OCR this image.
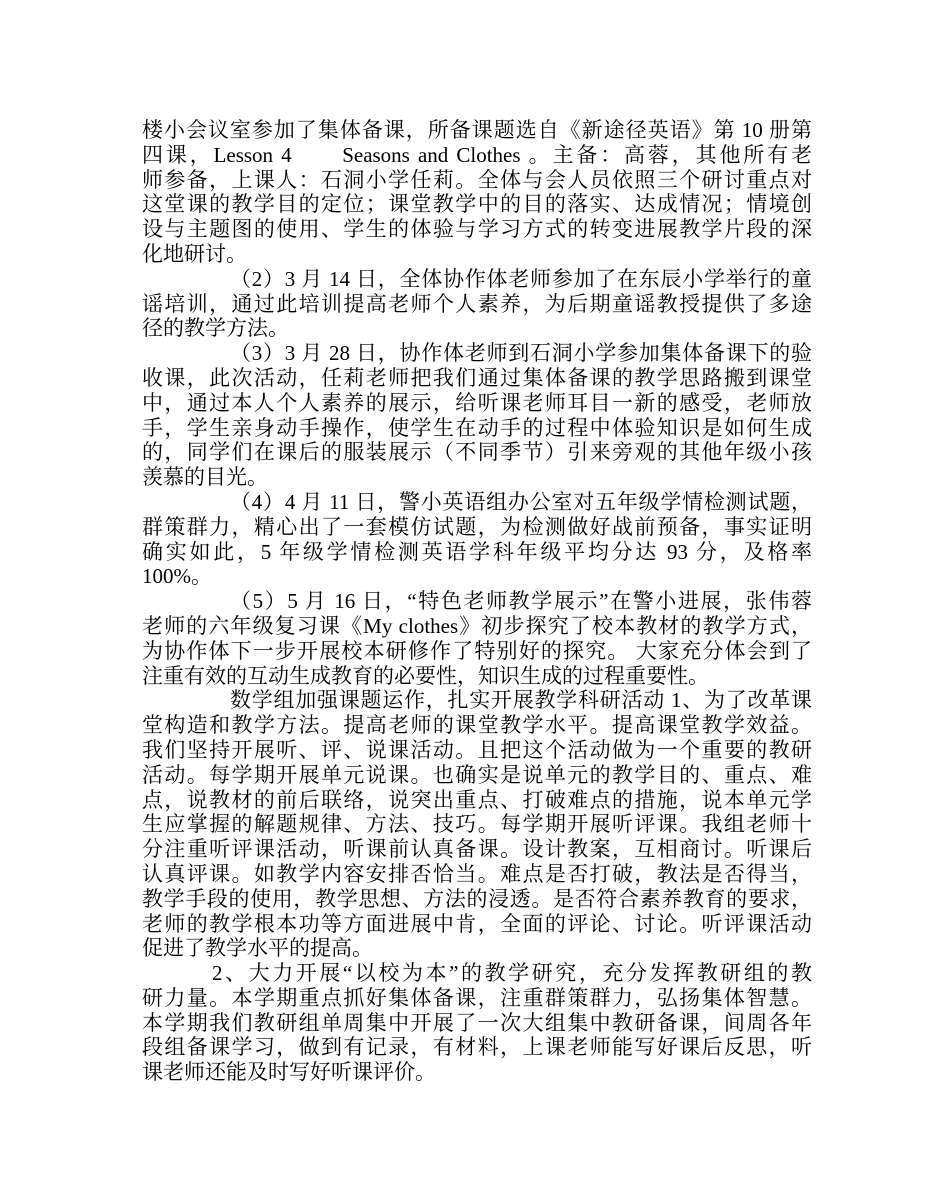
楼小会议室参加了集体备课，所备课题选自《新途径英语》第 10 册第
四课，Lesson 4　　Seasons and Clothes 。主备：高蓉，其他所有老
师参备，上课人：石洞小学任莉。全体与会人员依照三个研讨重点对
这堂课的教学目的定位；课堂教学中的目的落实、达成情况；情境创
设与主题图的使用、学生的体验与学习方式的转变进展教学片段的深
化地研讨。
（2）3 月 14 日，全体协作体老师参加了在东辰小学举行的童
谣培训，通过此培训提高老师个人素养，为后期童谣教授提供了多途
径的教学方法。
（3）3 月 28 日，协作体老师到石洞小学参加集体备课下的验
收课，此次活动，任莉老师把我们通过集体备课的教学思路搬到课堂
中，通过本人个人素养的展示，给听课老师耳目一新的感受，老师放
手，学生亲身动手操作，使学生在动手的过程中体验知识是如何生成
的，同学们在课后的服装展示（不同季节）引来旁观的其他年级小孩
羡慕的目光。
（4）4 月 11 日，警小英语组办公室对五年级学情检测试题，
群策群力，精心出了一套模仿试题，为检测做好战前预备，事实证明
确实如此，5 年级学情检测英语学科年级平均分达 93 分，及格率
100%。
（5）5 月 16 日，“特色老师教学展示”在警小进展，张伟蓉
老师的六年级复习课《My clothes》初步探究了校本教材的教学方式，
为协作体下一步开展校本研修作了特别好的探究。 大家充分体会到了
注重有效的互动生成教育的必要性，知识生成的过程重要性。
数学组加强课题运作，扎实开展教学科研活动 1、为了改革课
堂构造和教学方法。提高老师的课堂教学水平。提高课堂教学效益。
我们坚持开展听、评、说课活动。且把这个活动做为一个重要的教研
活动。每学期开展单元说课。也确实是说单元的教学目的、重点、难
点，说教材的前后联络，说突出重点、打破难点的措施，说本单元学
生应掌握的解题规律、方法、技巧。每学期开展听评课。我组老师十
分注重听评课活动，听课前认真备课。设计教案，互相商讨。听课后
认真评课。如教学内容安排否恰当。难点是否打破，教法是否得当，
教学手段的使用，教学思想、方法的浸透。是否符合素养教育的要求，
老师的教学根本功等方面进展中肯，全面的评论、讨论。听评课活动
促进了教学水平的提高。
2、大力开展“以校为本”的教学研究，充分发挥教研组的教
研力量。本学期重点抓好集体备课，注重群策群力，弘扬集体智慧。
本学期我们教研组单周集中开展了一次大组集中教研备课，间周各年
段组备课学习，做到有记录，有材料，上课老师能写好课后反思，听
课老师还能及时写好听课评价。
